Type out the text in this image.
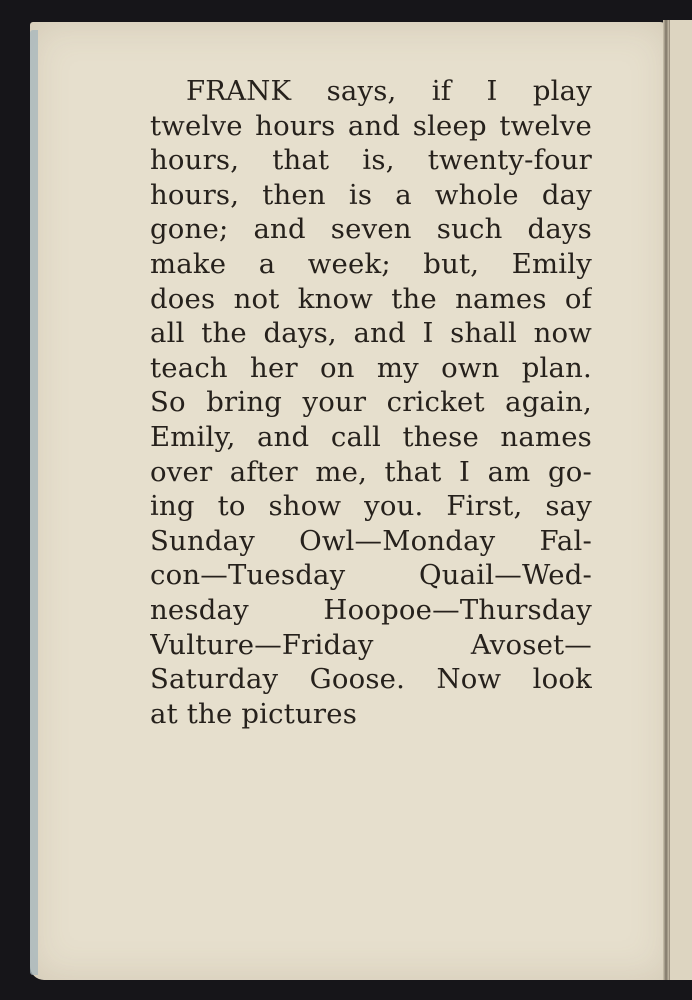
FRANK says, if I play
twelve hours and sleep twelve
hours, that is, twenty-four
hours, then is a whole day
gone; and seven such days
make a week; but, Emily
does not know the names of
all the days, and I shall now
teach her on my own plan.
So bring your cricket again,
Emily, and call these names
over after me, that I am go-
ing to show you. First, say
Sunday Owl—Monday Fal-
con—Tuesday Quail—Wed-
nesday Hoopoe—Thursday
Vulture—Friday Avoset—
Saturday Goose. Now look
at the pictures
